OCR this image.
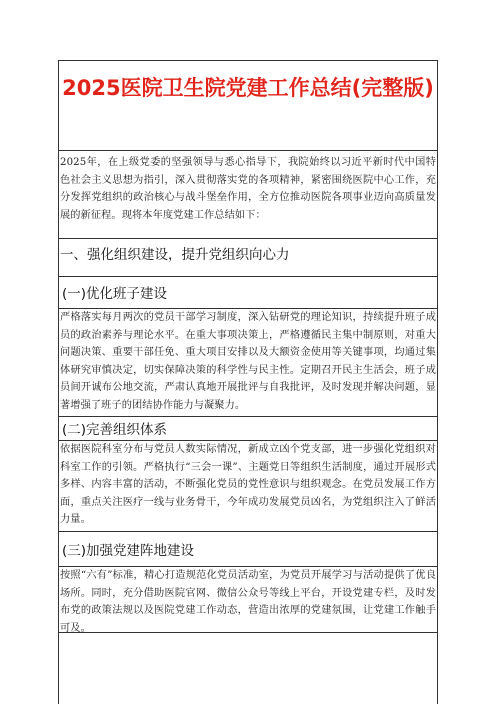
2025医院卫生院党建工作总结(完整版)
2025年，在上级党委的坚强领导与悉心指导下，我院始终以习近平新时代中国特色社会主义思想为指引，深入贯彻落实党的各项精神，紧密围绕医院中心工作，充分发挥党组织的政治核心与战斗堡垒作用，全方位推动医院各项事业迈向高质量发展的新征程。现将本年度党建工作总结如下：
一、强化组织建设，提升党组织向心力
(一)优化班子建设
严格落实每月两次的党员干部学习制度，深入钻研党的理论知识，持续提升班子成员的政治素养与理论水平。在重大事项决策上，严格遵循民主集中制原则，对重大问题决策、重要干部任免、重大项目安排以及大额资金使用等关键事项，均通过集体研究审慎决定，切实保障决策的科学性与民主性。定期召开民主生活会，班子成员间开诚布公地交流，严肃认真地开展批评与自我批评，及时发现并解决问题，显著增强了班子的团结协作能力与凝聚力。
(二)完善组织体系
依据医院科室分布与党员人数实际情况，新成立凶个党支部，进一步强化党组织对科室工作的引领。严格执行“三会一课”、主题党日等组织生活制度，通过开展形式多样、内容丰富的活动，不断强化党员的党性意识与组织观念。在党员发展工作方面，重点关注医疗一线与业务骨干，今年成功发展党员凶名，为党组织注入了鲜活力量。
(三)加强党建阵地建设
按照“六有”标准，精心打造规范化党员活动室，为党员开展学习与活动提供了优良场所。同时，充分借助医院官网、微信公众号等线上平台，开设党建专栏，及时发布党的政策法规以及医院党建工作动态，营造出浓厚的党建氛围，让党建工作触手可及。
